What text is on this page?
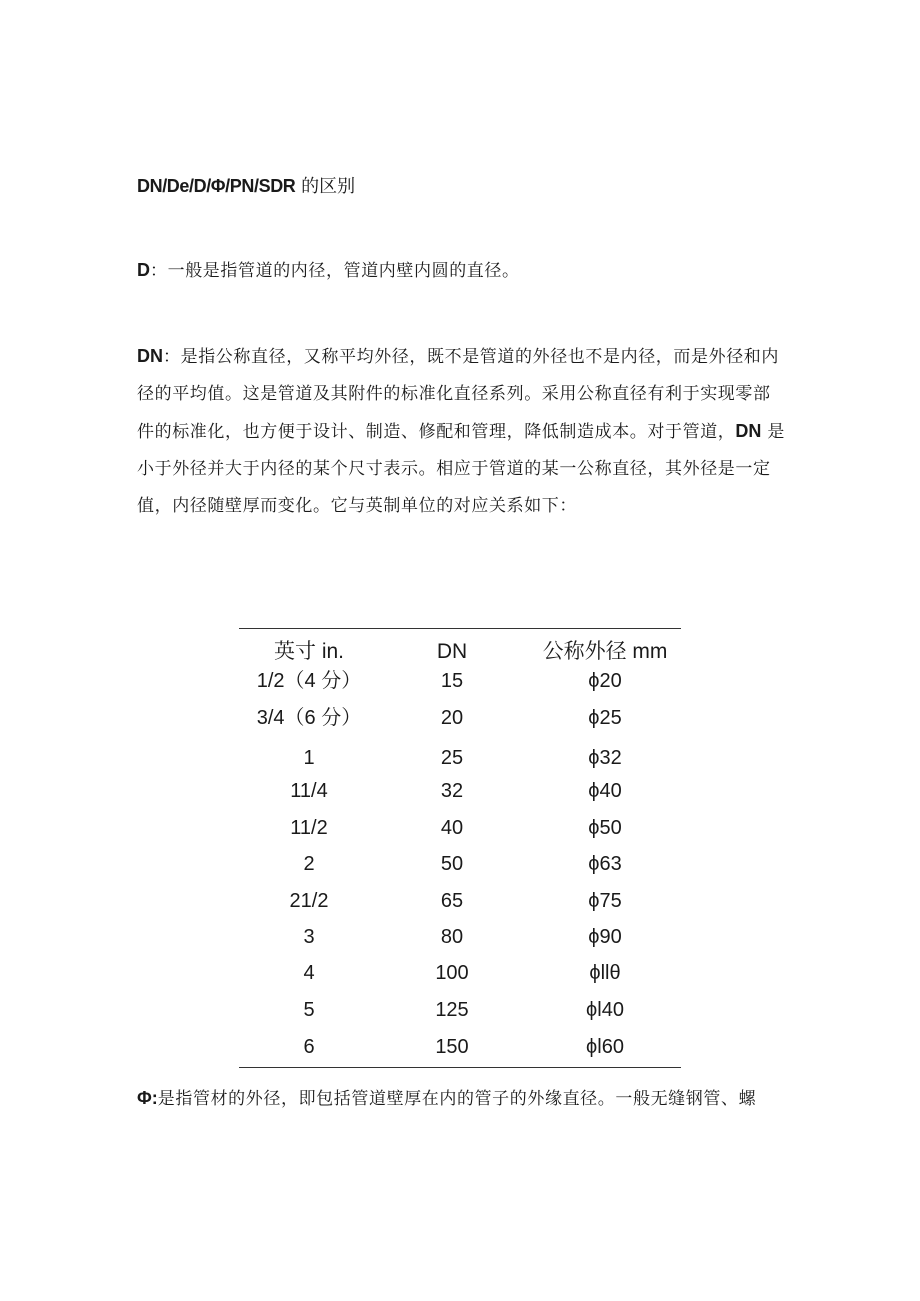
DN/De/D/Φ/PN/SDR 的区别
D：一般是指管道的内径，管道内壁内圆的直径。
DN：是指公称直径，又称平均外径，既不是管道的外径也不是内径，而是外径和内径的平均值。这是管道及其附件的标准化直径系列。采用公称直径有利于实现零部件的标准化，也方便于设计、制造、修配和管理，降低制造成本。对于管道，DN 是小于外径并大于内径的某个尺寸表示。相应于管道的某一公称直径，其外径是一定值，内径随壁厚而变化。它与英制单位的对应关系如下：
英寸 in.	DN	公称外径 mm
1/2（4 分）	15	ϕ20
3/4（6 分）	20	ϕ25
1	25	ϕ32
11/4	32	ϕ40
11/2	40	ϕ50
2	50	ϕ63
21/2	65	ϕ75
3	80	ϕ90
4	100	ϕllθ
5	125	ϕl40
6	150	ϕl60
Φ:是指管材的外径，即包括管道壁厚在内的管子的外缘直径。一般无缝钢管、螺
